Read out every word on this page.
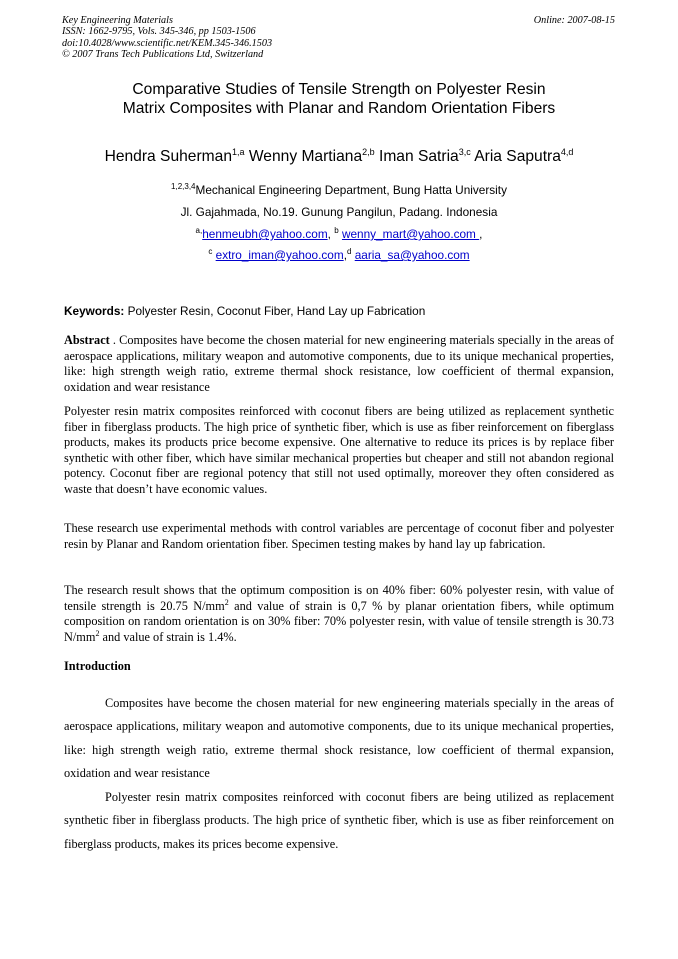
Key Engineering Materials
ISSN: 1662-9795, Vols. 345-346, pp 1503-1506
doi:10.4028/www.scientific.net/KEM.345-346.1503
© 2007 Trans Tech Publications Ltd, Switzerland
Online: 2007-08-15
Comparative Studies of Tensile Strength on Polyester Resin
Matrix Composites with Planar and Random Orientation Fibers
Hendra Suherman$^{1,a}$ Wenny Martiana$^{2,b}$ Iman Satria$^{3,c}$ Aria Saputra$^{4,d}$
$^{1,2,3,4}$Mechanical Engineering Department, Bung Hatta University
Jl. Gajahmada, No.19. Gunung Pangilun, Padang. Indonesia
$^{a,}$henmeubh@yahoo.com, $^b$ wenny_mart@yahoo.com ,
$^c$ extro_iman@yahoo.com,$^d$ aaria_sa@yahoo.com
Keywords: Polyester Resin, Coconut Fiber, Hand Lay up Fabrication
Abstract . Composites have become the chosen material for new engineering materials specially in the areas of aerospace applications, military weapon and automotive components, due to its unique mechanical properties, like: high strength weigh ratio, extreme thermal shock resistance, low coefficient of thermal expansion, oxidation and wear resistance
Polyester resin matrix composites reinforced with coconut fibers are being utilized as replacement synthetic fiber in fiberglass products. The high price of synthetic fiber, which is use as fiber reinforcement on fiberglass products, makes its products price become expensive. One alternative to reduce its prices is by replace fiber synthetic with other fiber, which have similar mechanical properties but cheaper and still not abandon regional potency. Coconut fiber are regional potency that still not used optimally, moreover they often considered as waste that doesn’t have economic values.
These research use experimental methods with control variables are percentage of coconut fiber and polyester resin by Planar and Random orientation fiber. Specimen testing makes by hand lay up fabrication.
The research result shows that the optimum composition is on 40% fiber: 60% polyester resin, with value of tensile strength is 20.75 $N/mm^2$ and value of strain is 0,7 % by planar orientation fibers, while optimum composition on random orientation is on 30% fiber: 70% polyester resin, with value of tensile strength is 30.73 $N/mm^2$ and value of strain is 1.4%.
Introduction
Composites have become the chosen material for new engineering materials specially in the areas of aerospace applications, military weapon and automotive components, due to its unique mechanical properties, like: high strength weigh ratio, extreme thermal shock resistance, low coefficient of thermal expansion, oxidation and wear resistance
Polyester resin matrix composites reinforced with coconut fibers are being utilized as replacement synthetic fiber in fiberglass products. The high price of synthetic fiber, which is use as fiber reinforcement on fiberglass products, makes its prices become expensive.
